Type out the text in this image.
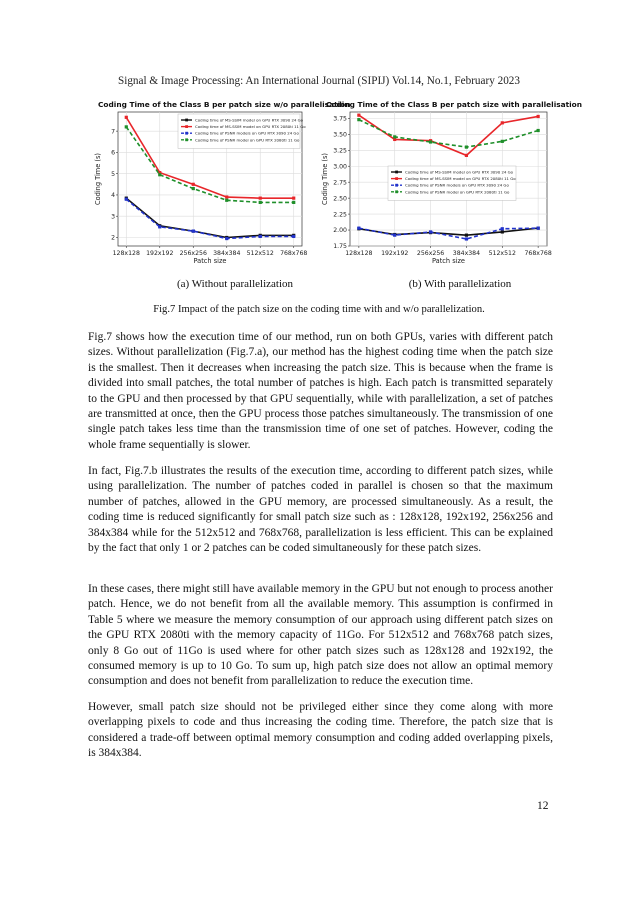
Signal & Image Processing: An International Journal (SIPIJ) Vol.14, No.1, February 2023
Coding Time of the Class B per patch size w/o parallelisation
2
3
4
5
6
7
128x128 192x192 256x256 384x384 512x512 768x768
Patch size
Coding Time (s)
Coding time of MS-SSIM model on GPU RTX 3090 24 Go
Coding time of MS-SSIM model on GPU RTX 2080ti 11 Go
Coding time of PSNR models on GPU RTX 3090 24 Go
Coding time of PSNR model on GPU RTX 2080ti 11 Go
Coding Time of the Class B per patch size with parallelisation
1.75
2.00
2.25
2.50
2.75
3.00
3.25
3.50
3.75
128x128 192x192 256x256 384x384 512x512 768x768
Patch size
Coding Time (s)	Coding time of MS-SSIM model on GPU RTX 3090 24 Go
Coding time of MS-SSIM model on GPU RTX 2080ti 11 Go
Coding time of PSNR models on GPU RTX 3090 24 Go
Coding time of PSNR model on GPU RTX 2080ti 11 Go
(a) Without parallelization	(b) With parallelization
Fig.7 Impact of the patch size on the coding time with and w/o parallelization.

Fig.7 shows how the execution time of our method, run on both GPUs, varies with different patch sizes. Without parallelization (Fig.7.a), our method has the highest coding time when the patch size is the smallest. Then it decreases when increasing the patch size. This is because when the frame is divided into small patches, the total number of patches is high. Each patch is transmitted separately to the GPU and then processed by that GPU sequentially, while with parallelization, a set of patches are transmitted at once, then the GPU process those patches simultaneously. The transmission of one single patch takes less time than the transmission time of one set of patches. However, coding the whole frame sequentially is slower.

In fact, Fig.7.b illustrates the results of the execution time, according to different patch sizes, while using parallelization. The number of patches coded in parallel is chosen so that the maximum number of patches, allowed in the GPU memory, are processed simultaneously. As a result, the coding time is reduced significantly for small patch size such as : 128x128, 192x192, 256x256 and 384x384 while for the 512x512 and 768x768, parallelization is less efficient. This can be explained by the fact that only 1 or 2 patches can be coded simultaneously for these patch sizes.

In these cases, there might still have available memory in the GPU but not enough to process another patch. Hence, we do not benefit from all the available memory. This assumption is confirmed in Table 5 where we measure the memory consumption of our approach using different patch sizes on the GPU RTX 2080ti with the memory capacity of 11Go. For 512x512 and 768x768 patch sizes, only 8 Go out of 11Go is used where for other patch sizes such as 128x128 and 192x192, the consumed memory is up to 10 Go. To sum up, high patch size does not allow an optimal memory consumption and does not benefit from parallelization to reduce the execution time.

However, small patch size should not be privileged either since they come along with more overlapping pixels to code and thus increasing the coding time. Therefore, the patch size that is considered a trade-off between optimal memory consumption and coding added overlapping pixels, is 384x384.

12
